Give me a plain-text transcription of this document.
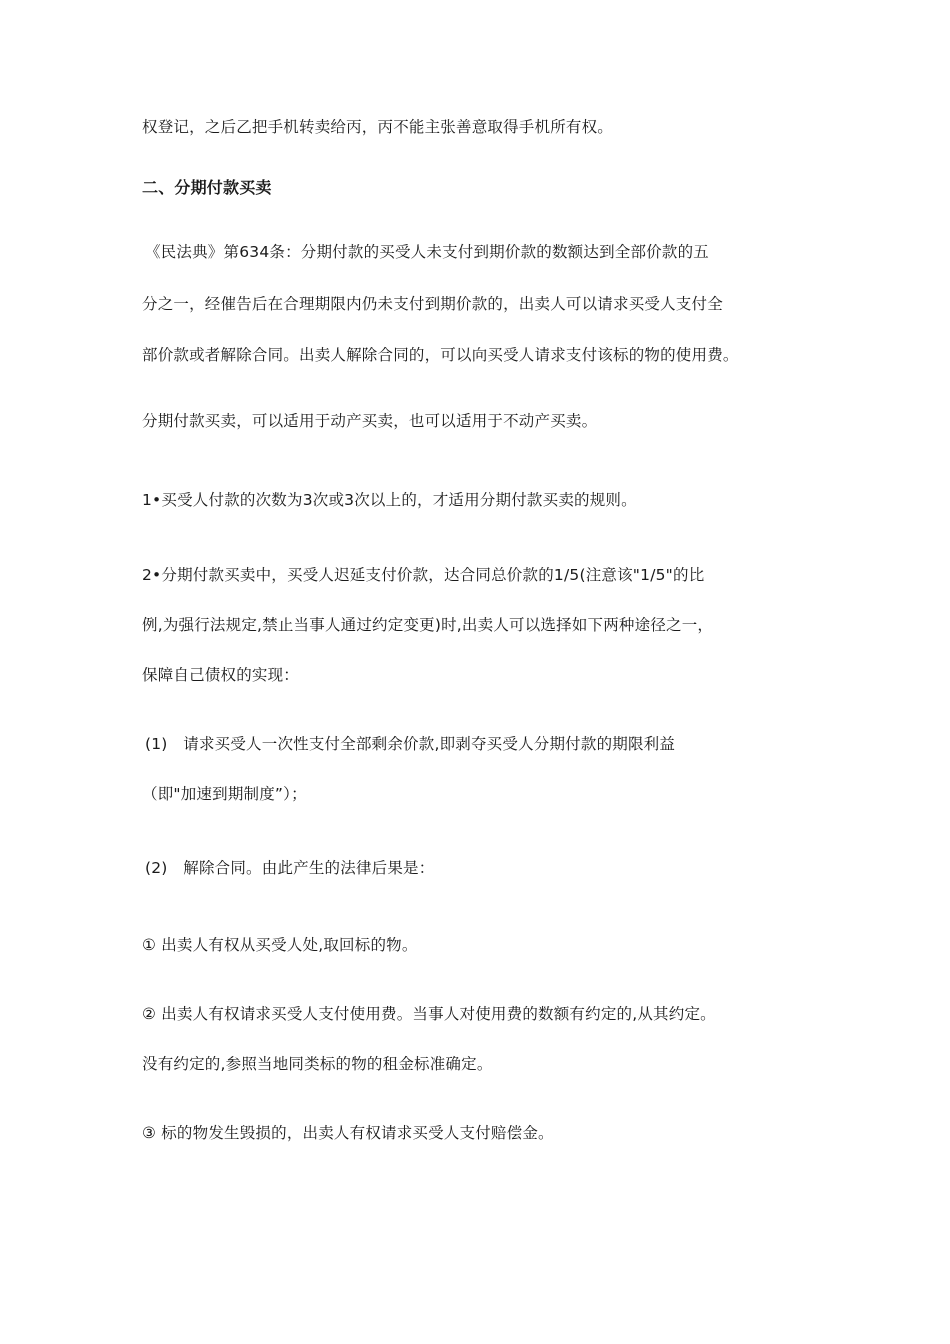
权登记，之后乙把手机转卖给丙，丙不能主张善意取得手机所有权。
二、分期付款买卖
《民法典》第634条：分期付款的买受人未支付到期价款的数额达到全部价款的五
分之一，经催告后在合理期限内仍未支付到期价款的，出卖人可以请求买受人支付全
部价款或者解除合同。出卖人解除合同的，可以向买受人请求支付该标的物的使用费。
分期付款买卖，可以适用于动产买卖，也可以适用于不动产买卖。
1•买受人付款的次数为3次或3次以上的，才适用分期付款买卖的规则。
2•分期付款买卖中，买受人迟延支付价款，达合同总价款的1/5(注意该"1/5"的比
例,为强行法规定,禁止当事人通过约定变更)时,出卖人可以选择如下两种途径之一，
保障自己债权的实现：
(1)　请求买受人一次性支付全部剩余价款,即剥夺买受人分期付款的期限利益
（即"加速到期制度”）；
(2)　解除合同。由此产生的法律后果是：
① 出卖人有权从买受人处,取回标的物。
② 出卖人有权请求买受人支付使用费。当事人对使用费的数额有约定的,从其约定。
没有约定的,参照当地同类标的物的租金标准确定。
③ 标的物发生毁损的，出卖人有权请求买受人支付赔偿金。
